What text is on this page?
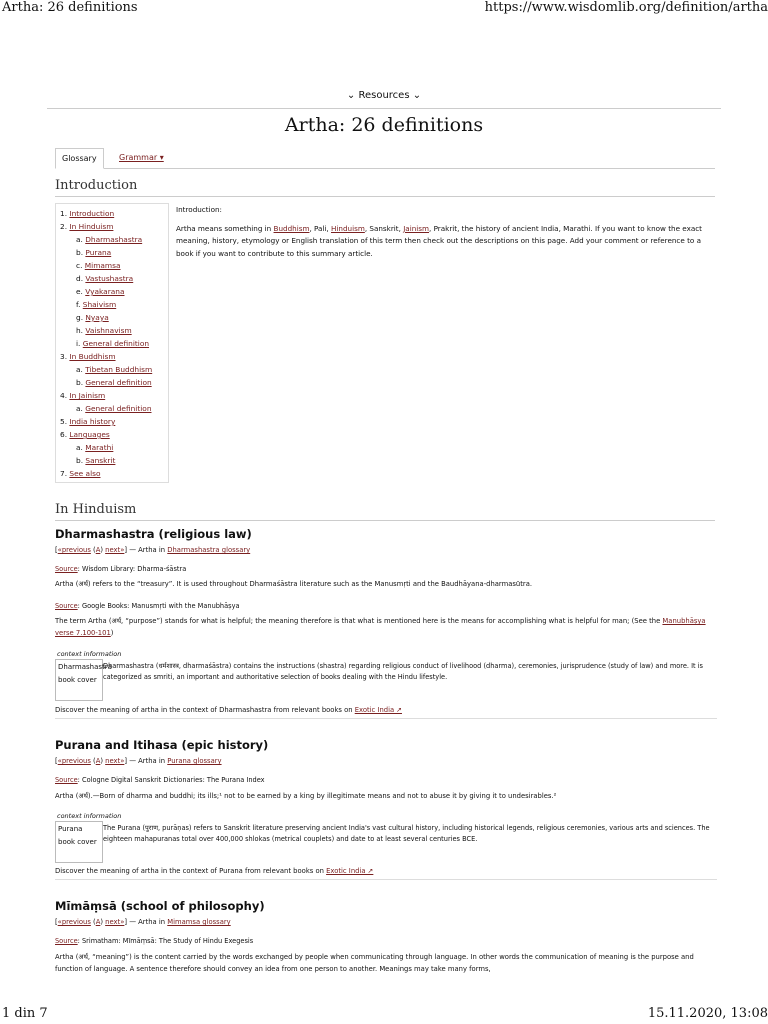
Artha: 26 definitions	https://www.wisdomlib.org/definition/artha
⌄ Resources ⌄
Artha: 26 definitions
Glossary	Grammar ▾
Introduction
1. Introduction
2. In Hinduism
a. Dharmashastra
b. Purana
c. Mimamsa
d. Vastushastra
e. Vyakarana
f. Shaivism
g. Nyaya
h. Vaishnavism
i. General definition
3. In Buddhism
a. Tibetan Buddhism
b. General definition
4. In Jainism
a. General definition
5. India history
6. Languages
a. Marathi
b. Sanskrit
7. See also

Introduction:

Artha means something in Buddhism, Pali, Hinduism, Sanskrit, Jainism, Prakrit, the history of ancient India, Marathi. If you want to know the exact meaning, history, etymology or English translation of this term then check out the descriptions on this page. Add your comment or reference to a book if you want to contribute to this summary article.

In Hinduism
Dharmashastra (religious law)
[«previous (A) next»] — Artha in Dharmashastra glossary
Source: Wisdom Library: Dharma-śāstra
Artha (अर्थ) refers to the “treasury”. It is used throughout Dharmaśāstra literature such as the Manusmṛti and the Baudhāyana-dharmasūtra.
Source: Google Books: Manusmṛti with the Manubhāṣya
The term Artha (अर्थ, “purpose”) stands for what is helpful; the meaning therefore is that what is mentioned here is the means for accomplishing what is helpful for man; (See the Manubhāṣya verse 7.100-101)
context information
Dharmashastra book cover
Dharmashastra (धर्मशास्त्र, dharmaśāstra) contains the instructions (shastra) regarding religious conduct of livelihood (dharma), ceremonies, jurisprudence (study of law) and more. It is categorized as smriti, an important and authoritative selection of books dealing with the Hindu lifestyle.
Discover the meaning of artha in the context of Dharmashastra from relevant books on Exotic India ↗
Purana and Itihasa (epic history)
[«previous (A) next»] — Artha in Purana glossary
Source: Cologne Digital Sanskrit Dictionaries: The Purana Index
Artha (अर्थ).—Born of dharma and buddhi; its ills;¹ not to be earned by a king by illegitimate means and not to abuse it by giving it to undesirables.²
context information
Purana book cover
The Purana (पुराण, purāṇas) refers to Sanskrit literature preserving ancient India's vast cultural history, including historical legends, religious ceremonies, various arts and sciences. The eighteen mahapuranas total over 400,000 shlokas (metrical couplets) and date to at least several centuries BCE.
Discover the meaning of artha in the context of Purana from relevant books on Exotic India ↗
Mīmāṃsā (school of philosophy)
[«previous (A) next»] — Artha in Mimamsa glossary
Source: Srimatham: Mīmāṃsā: The Study of Hindu Exegesis
Artha (अर्थ, “meaning”) is the content carried by the words exchanged by people when communicating through language. In other words the communication of meaning is the purpose and function of language. A sentence therefore should convey an idea from one person to another. Meanings may take many forms,
1 din 7	15.11.2020, 13:08
